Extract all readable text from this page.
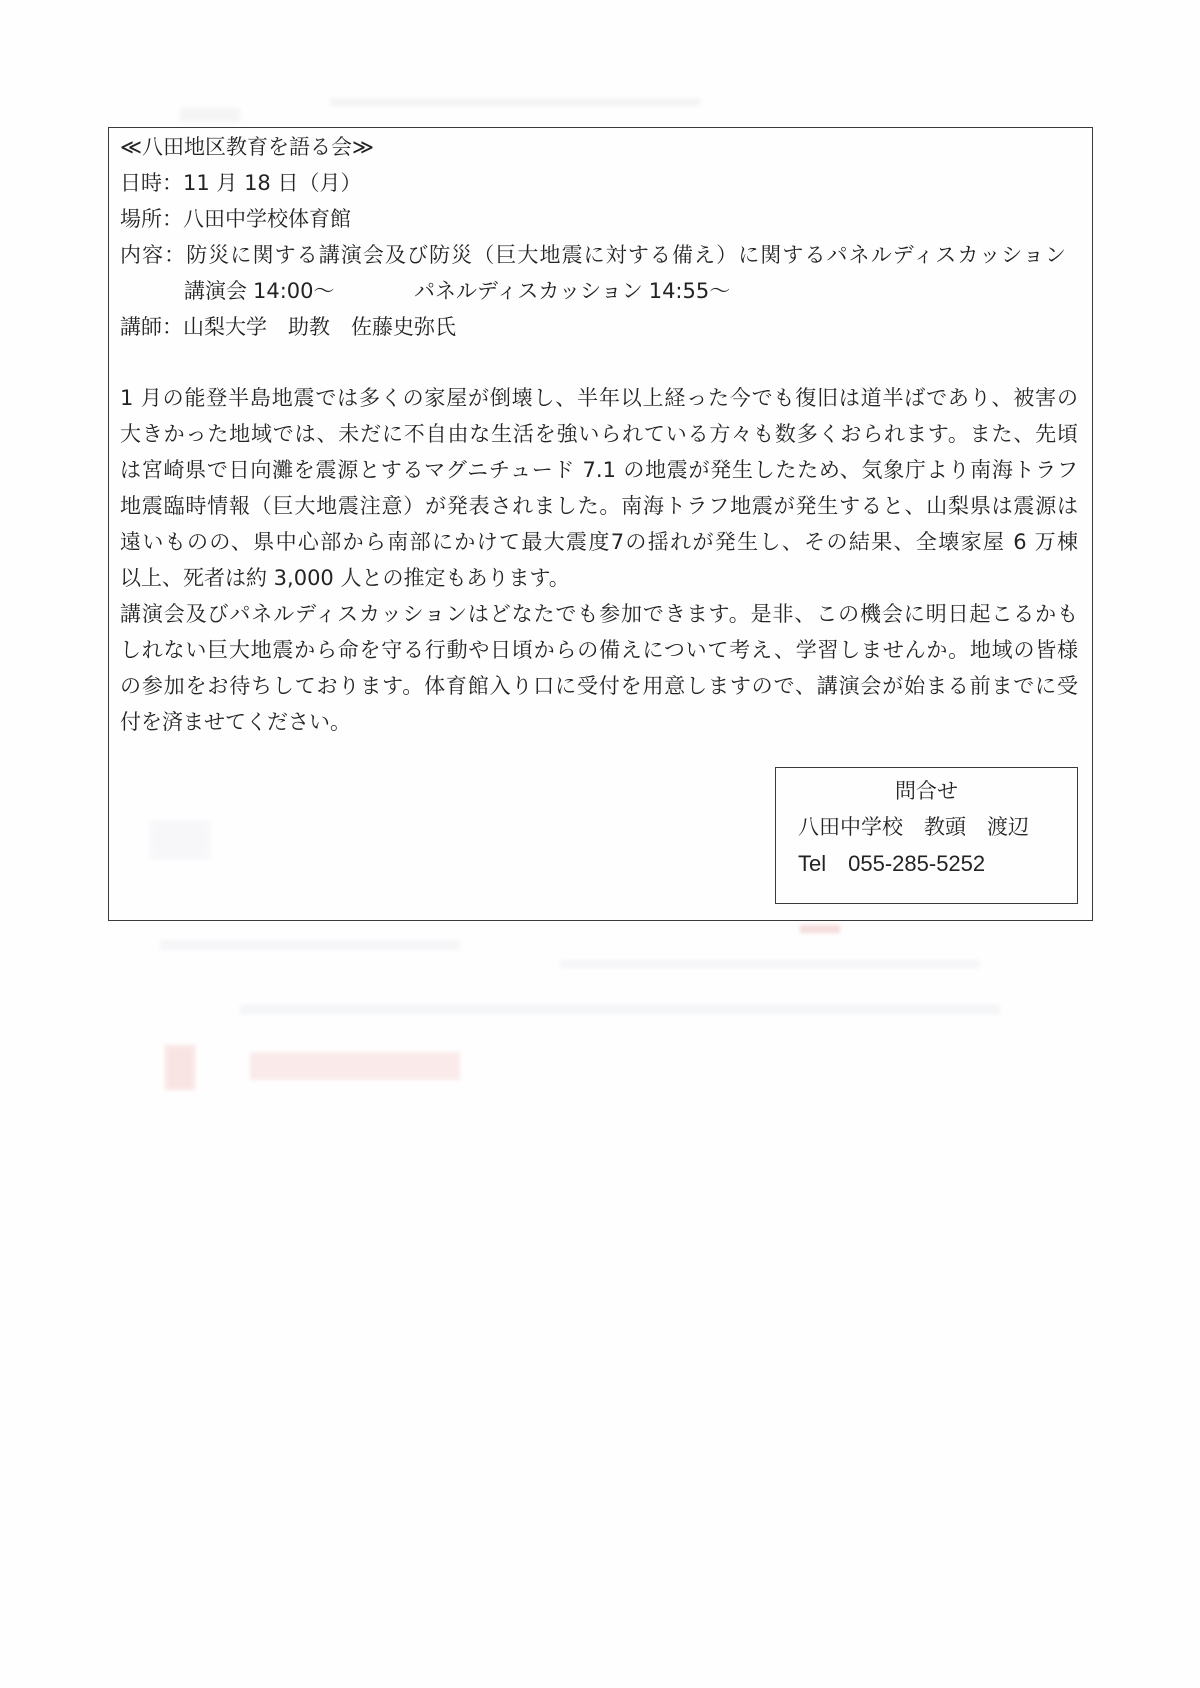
≪八田地区教育を語る会≫
日時：11 月 18 日（月）
場所：八田中学校体育館
内容：防災に関する講演会及び防災（巨大地震に対する備え）に関するパネルディスカッション
講演会 14:00～	パネルディスカッション 14:55～
講師：山梨大学　助教　佐藤史弥氏
1 月の能登半島地震では多くの家屋が倒壊し、半年以上経った今でも復旧は道半ばであり、被害の
大きかった地域では、未だに不自由な生活を強いられている方々も数多くおられます。また、先頃
は宮崎県で日向灘を震源とするマグニチュード 7.1 の地震が発生したため、気象庁より南海トラフ
地震臨時情報（巨大地震注意）が発表されました。南海トラフ地震が発生すると、山梨県は震源は
遠いものの、県中心部から南部にかけて最大震度7の揺れが発生し、その結果、全壊家屋 6 万棟
以上、死者は約 3,000 人との推定もあります。
講演会及びパネルディスカッションはどなたでも参加できます。是非、この機会に明日起こるかも
しれない巨大地震から命を守る行動や日頃からの備えについて考え、学習しませんか。地域の皆様
の参加をお待ちしております。体育館入り口に受付を用意しますので、講演会が始まる前までに受
付を済ませてください。
問合せ
八田中学校　教頭　渡辺
Tel 055-285-5252
